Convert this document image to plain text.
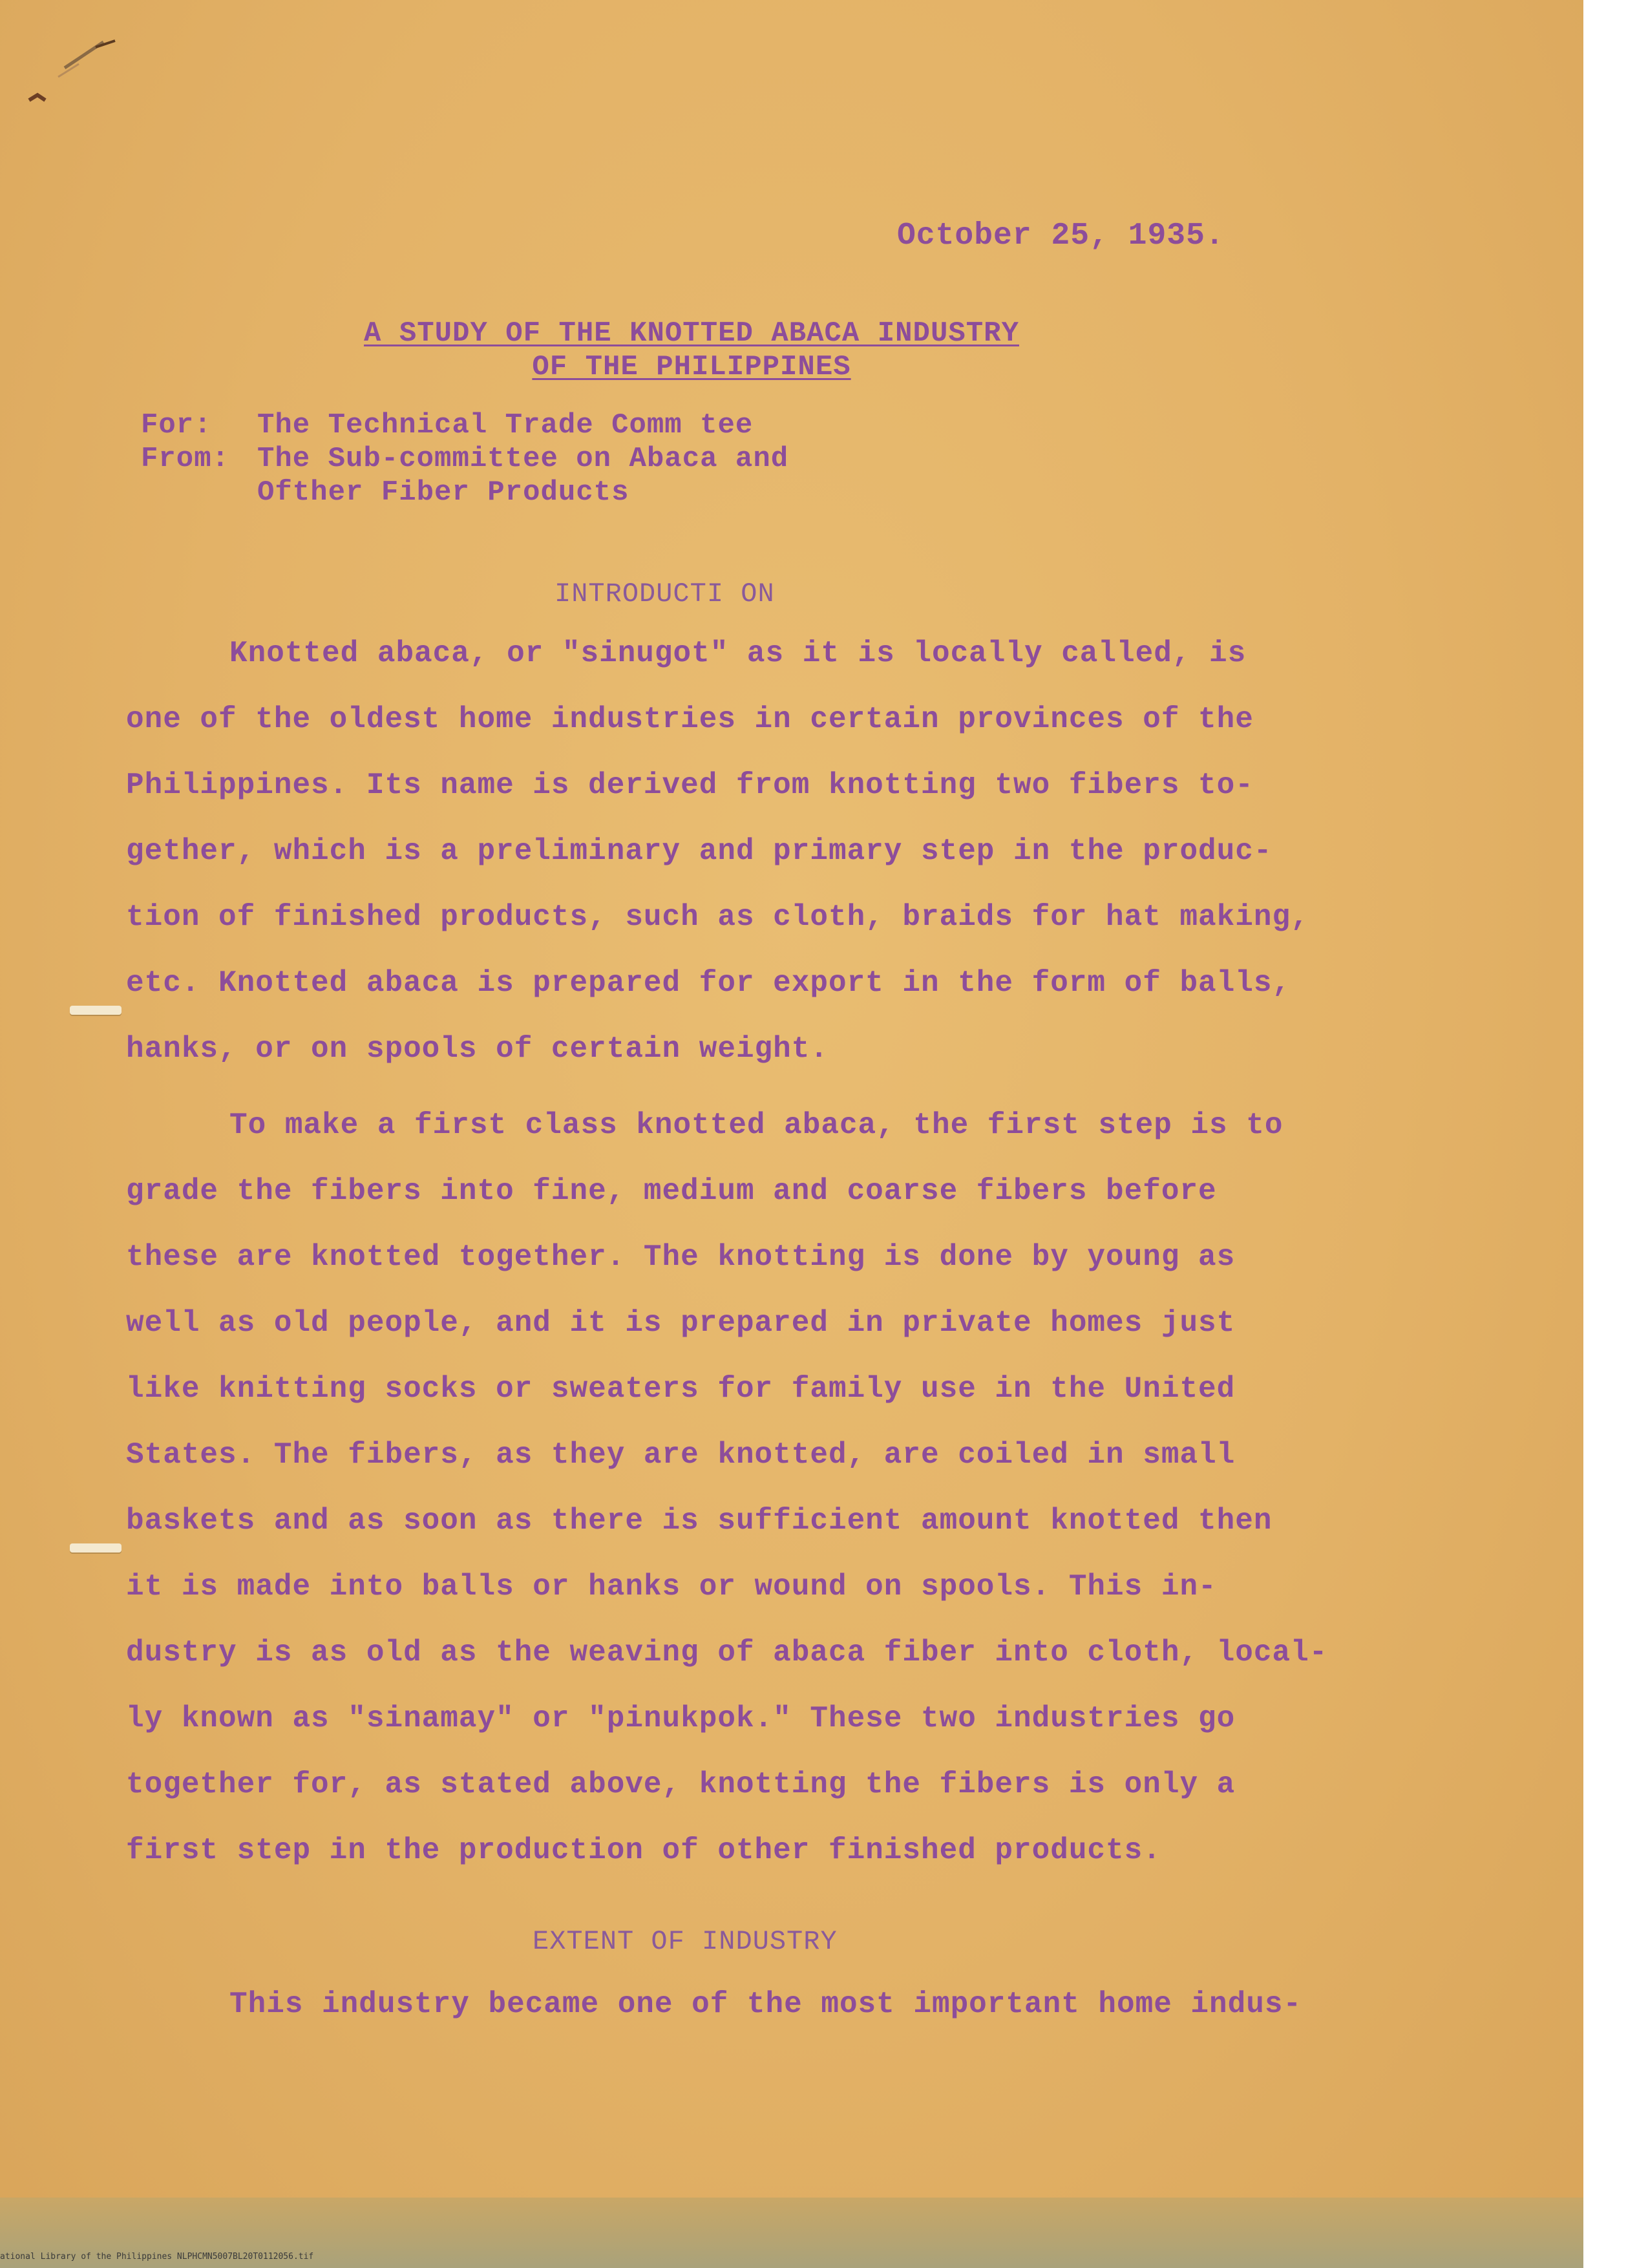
October 25, 1935.
A STUDY OF THE KNOTTED ABACA INDUSTRY
OF THE PHILIPPINES
For: The Technical Trade Comm tee
From: The Sub-committee on Abaca and
Ofther Fiber Products
INTRODUCTI ON
Knotted abaca, or "sinugot" as it is locally called, is
one of the oldest home industries in certain provinces of the
Philippines. Its name is derived from knotting two fibers to-
gether, which is a preliminary and primary step in the produc-
tion of finished products, such as cloth, braids for hat making,
etc. Knotted abaca is prepared for export in the form of balls,
hanks, or on spools of certain weight.
To make a first class knotted abaca, the first step is to
grade the fibers into fine, medium and coarse fibers before
these are knotted together. The knotting is done by young as
well as old people, and it is prepared in private homes just
like knitting socks or sweaters for family use in the United
States. The fibers, as they are knotted, are coiled in small
baskets and as soon as there is sufficient amount knotted then
it is made into balls or hanks or wound on spools. This in-
dustry is as old as the weaving of abaca fiber into cloth, local-
ly known as "sinamay" or "pinukpok." These two industries go
together for, as stated above, knotting the fibers is only a
first step in the production of other finished products.
EXTENT OF INDUSTRY
This industry became one of the most important home indus-
ational Library of the Philippines NLPHCMN5007BL20T0112056.tif
